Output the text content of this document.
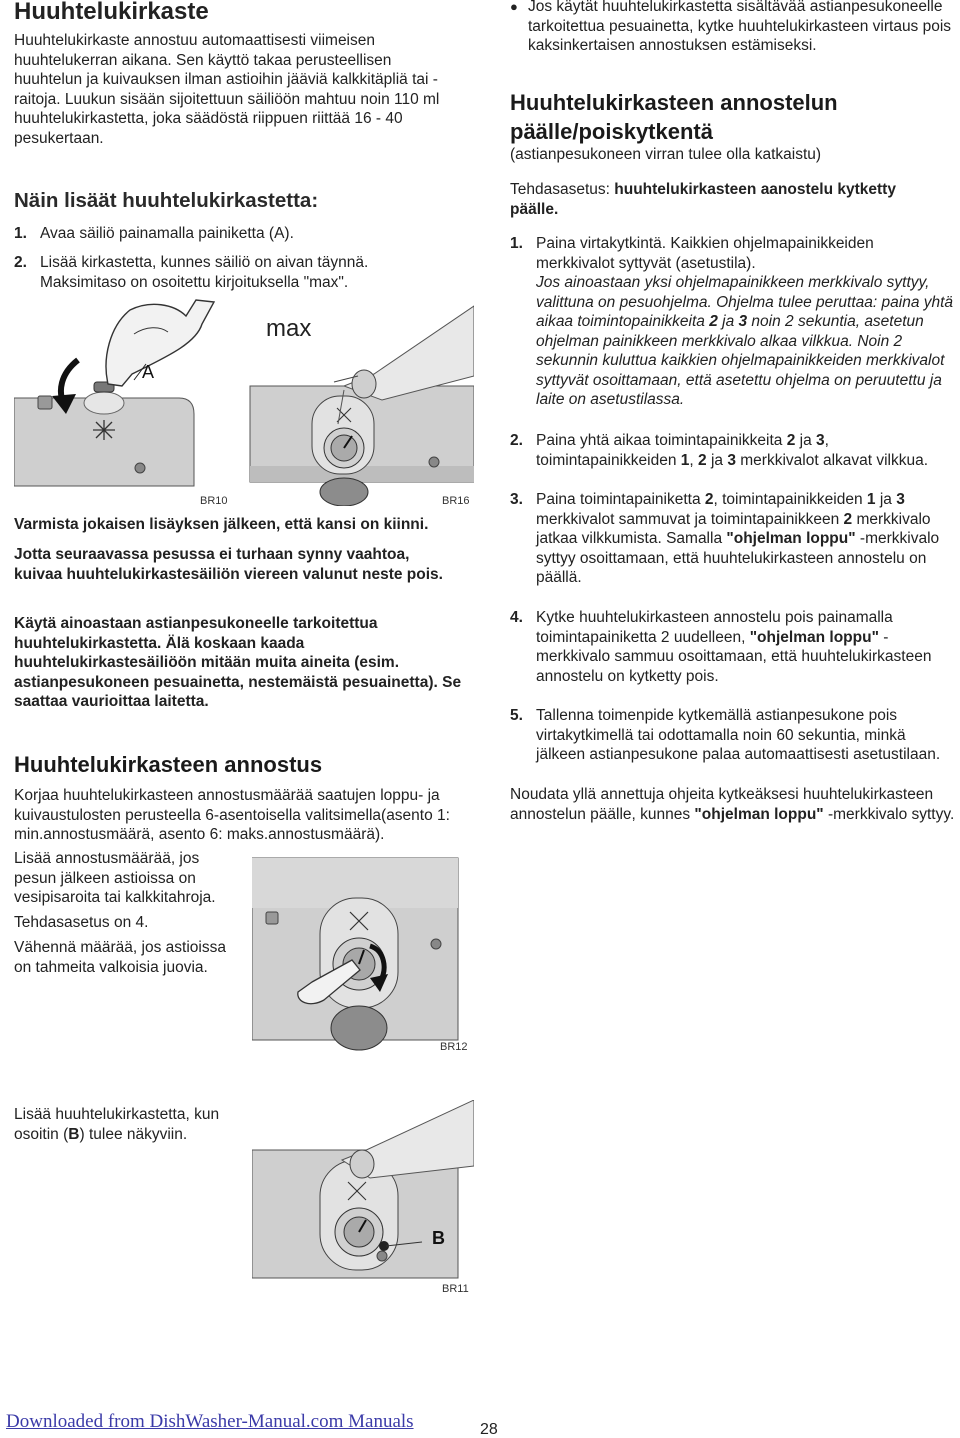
Huuhtelukirkaste

Huuhtelukirkaste annostuu automaattisesti viimeisen huuhtelukerran aikana. Sen käyttö takaa perusteellisen huuhtelun ja kuivauksen ilman astioihin jääviä kalkkitäpliä tai -raitoja. Luukun sisään sijoitettuun säiliöön mahtuu noin 110 ml huuhtelukirkastetta, joka säädöstä riippuen riittää 16 - 40 pesukertaan.

Näin lisäät huuhtelukirkastetta:
1. Avaa säiliö painamalla painiketta (A).
2. Lisää kirkastetta, kunnes säiliö on aivan täynnä. Maksimitaso on osoitettu kirjoituksella "max".
A
BR10
max
BR16

Varmista jokaisen lisäyksen jälkeen, että kansi on kiinni.

Jotta seuraavassa pesussa ei turhaan synny vaahtoa, kuivaa huuhtelukirkastesäiliön viereen valunut neste pois.

Käytä ainoastaan astianpesukoneelle tarkoitettua huuhtelukirkastetta. Älä koskaan kaada huuhtelukirkastesäiliöön mitään muita aineita (esim. astianpesukoneen pesuainetta, nestemäistä pesuainetta). Se saattaa vaurioittaa laitetta.

Huuhtelukirkasteen annostus

Korjaa huuhtelukirkasteen annostusmäärää saatujen loppu- ja kuivaustulosten perusteella 6-asentoisella valitsimella(asento 1: min.annostusmäärä, asento 6: maks.annostusmäärä).

Lisää annostusmäärää, jos pesun jälkeen astioissa on vesipisaroita tai kalkkitahroja.

Tehdasasetus on 4.

Vähennä määrää, jos astioissa on tahmeita valkoisia juovia.

BR12

Lisää huuhtelukirkastetta, kun osoitin (B) tulee näkyviin.

B
BR11
● Jos käytät huuhtelukirkastetta sisältävää astianpesukoneelle tarkoitettua pesuainetta, kytke huuhtelukirkasteen virtaus pois kaksinkertaisen annostuksen estämiseksi.
Huuhtelukirkasteen annostelun päälle/poiskytkentä

(astianpesukoneen virran tulee olla katkaistu)

Tehdasasetus: huuhtelukirkasteen aanostelu kytketty päälle.

1. Paina virtakytkintä. Kaikkien ohjelmapainikkeiden merkkivalot syttyvät (asetustila).
Jos ainoastaan yksi ohjelmapainikkeen merkkivalo syttyy, valittuna on pesuohjelma. Ohjelma tulee peruttaa: paina yhtä aikaa toimintopainikkeita 2 ja 3 noin 2 sekuntia, asetetun ohjelman painikkeen merkkivalo alkaa vilkkua. Noin 2 sekunnin kuluttua kaikkien ohjelmapainikkeiden merkkivalot syttyvät osoittamaan, että asetettu ohjelma on peruutettu ja laite on asetustilassa.
2. Paina yhtä aikaa toimintapainikkeita 2 ja 3, toimintapainikkeiden 1, 2 ja 3 merkkivalot alkavat vilkkua.
3. Paina toimintapainiketta 2, toimintapainikkeiden 1 ja 3 merkkivalot sammuvat ja toimintapainikkeen 2 merkkivalo jatkaa vilkkumista. Samalla "ohjelman loppu" -merkkivalo syttyy osoittamaan, että huuhtelukirkasteen annostelu on päällä.
4. Kytke huuhtelukirkasteen annostelu pois painamalla toimintapainiketta 2 uudelleen, "ohjelman loppu" -merkkivalo sammuu osoittamaan, että huuhtelukirkasteen annostelu on kytketty pois.
5. Tallenna toimenpide kytkemällä astianpesukone pois virtakytkimellä tai odottamalla noin 60 sekuntia, minkä jälkeen astianpesukone palaa automaattisesti asetustilaan.

Noudata yllä annettuja ohjeita kytkeäksesi huuhtelukirkasteen annostelun päälle, kunnes "ohjelman loppu" -merkkivalo syttyy.

Downloaded from DishWasher-Manual.com Manuals	28
